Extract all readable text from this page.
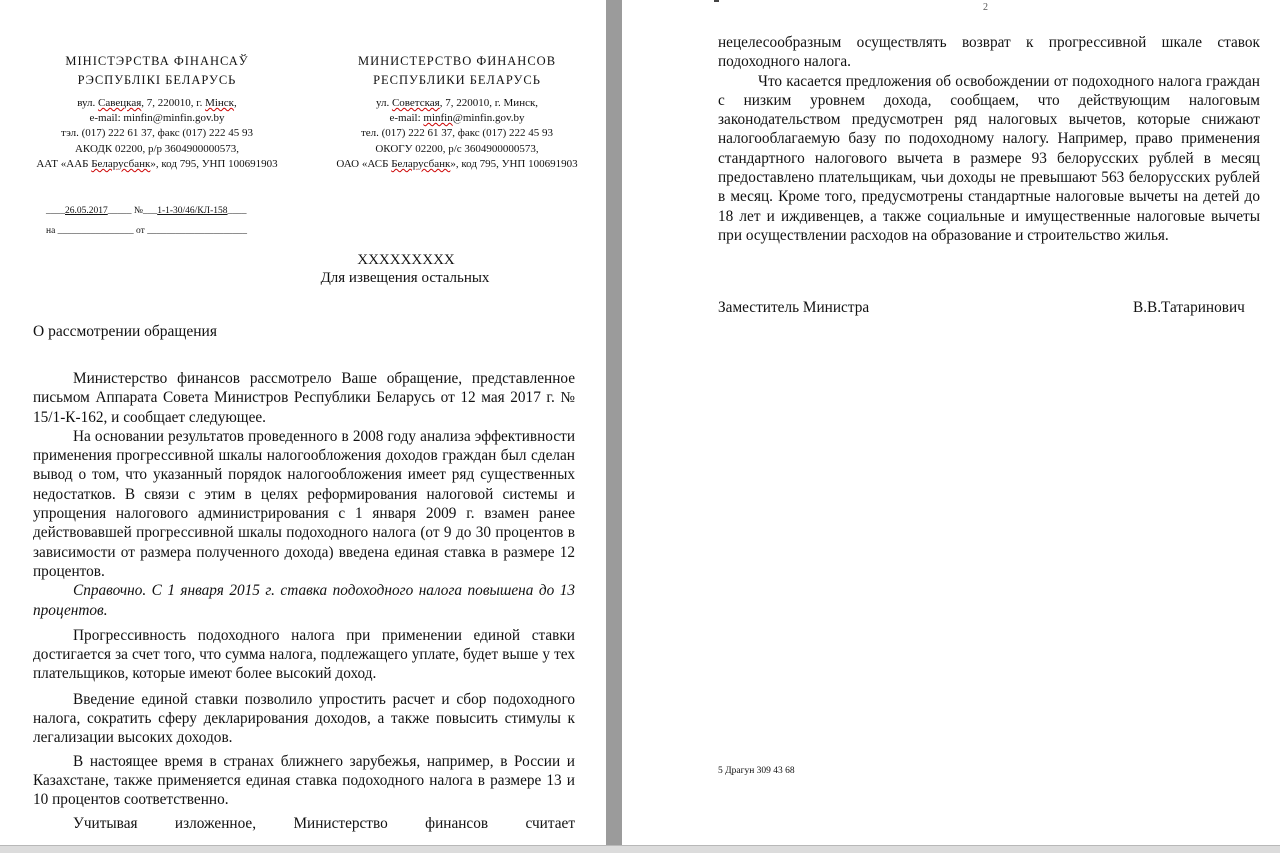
МІНІСТЭРСТВА ФІНАНСАЎ
РЭСПУБЛІКІ БЕЛАРУСЬ
вул. Савецкая, 7, 220010, г. Мінск,
e-mail: minfin@minfin.gov.by
тэл. (017) 222 61 37, факс (017) 222 45 93
АКОДК 02200, р/р 3604900000573,
ААТ «ААБ Беларусбанк», код 795, УНП 100691903
МИНИСТЕРСТВО ФИНАНСОВ
РЕСПУБЛИКИ БЕЛАРУСЬ
ул. Советская, 7, 220010, г. Минск,
e-mail: minfin@minfin.gov.by
тел. (017) 222 61 37, факс (017) 222 45 93
ОКОГУ 02200, р/с 3604900000573,
ОАО «АСБ Беларусбанк», код 795, УНП 100691903
____26.05.2017_____ №___1-1-30/46/КЛ-158____
на ________________ от _____________________
XXXXXXXXX
Для извещения остальных
О рассмотрении обращения

Министерство финансов рассмотрело Ваше обращение, представленное письмом Аппарата Совета Министров Республики Беларусь от 12 мая 2017 г. № 15/1-К-162, и сообщает следующее.

На основании результатов проведенного в 2008 году анализа эффективности применения прогрессивной шкалы налогообложения доходов граждан был сделан вывод о том, что указанный порядок налогообложения имеет ряд существенных недостатков. В связи с этим в целях реформирования налоговой системы и упрощения налогового администрирования с 1 января 2009 г. взамен ранее действовавшей прогрессивной шкалы подоходного налога (от 9 до 30 процентов в зависимости от размера полученного дохода) введена единая ставка в размере 12 процентов.

Справочно. С 1 января 2015 г. ставка подоходного налога повышена до 13 процентов.

Прогрессивность подоходного налога при применении единой ставки достигается за счет того, что сумма налога, подлежащего уплате, будет выше у тех плательщиков, которые имеют более высокий доход.

Введение единой ставки позволило упростить расчет и сбор подоходного налога, сократить сферу декларирования доходов, а также повысить стимулы к легализации высоких доходов.

В настоящее время в странах ближнего зарубежья, например, в России и Казахстане, также применяется единая ставка подоходного налога в размере 13 и 10 процентов соответственно.

Учитывая изложенное, Министерство финансов считает

2

нецелесообразным осуществлять возврат к прогрессивной шкале ставок подоходного налога.

Что касается предложения об освобождении от подоходного налога граждан с низким уровнем дохода, сообщаем, что действующим налоговым законодательством предусмотрен ряд налоговых вычетов, которые снижают налогооблагаемую базу по подоходному налогу. Например, право применения стандартного налогового вычета в размере 93 белорусских рублей в месяц предоставлено плательщикам, чьи доходы не превышают 563 белорусских рублей в месяц. Кроме того, предусмотрены стандартные налоговые вычеты на детей до 18 лет и иждивенцев, а также социальные и имущественные налоговые вычеты при осуществлении расходов на образование и строительство жилья.

Заместитель Министра	В.В.Татаринович
5 Драгун 309 43 68
